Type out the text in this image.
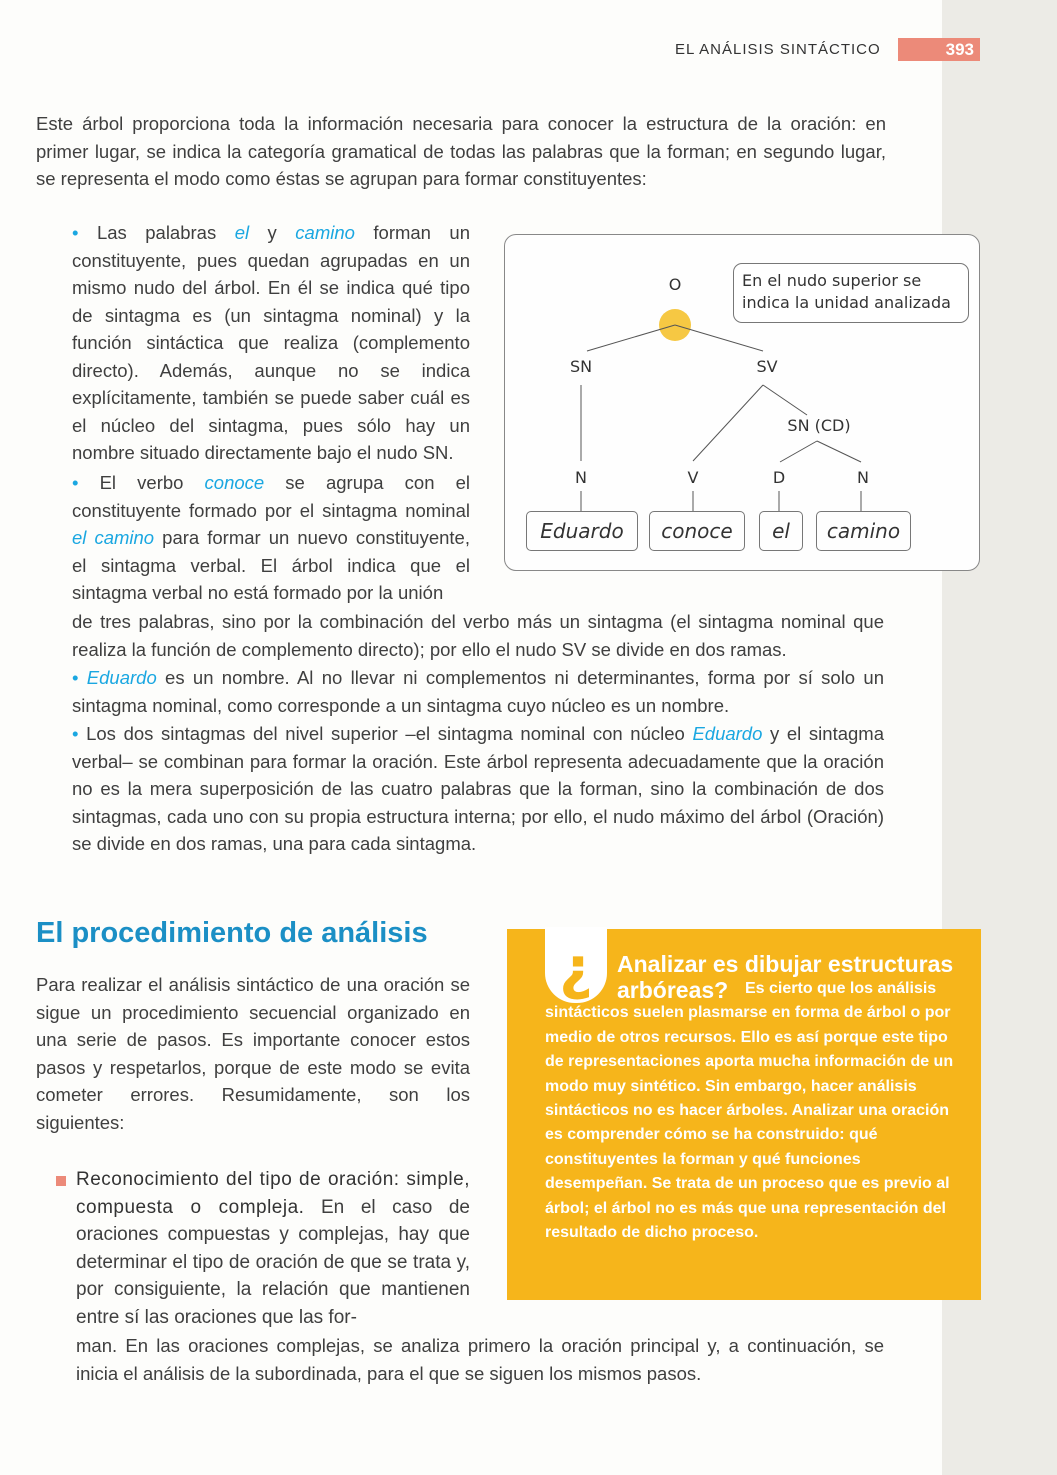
EL ANÁLISIS SINTÁCTICO	393

Este árbol proporciona toda la información necesaria para conocer la estructura de la oración: en primer lugar, se indica la categoría gramatical de todas las palabras que la forman; en segundo lugar, se representa el modo como éstas se agrupan para formar constituyentes:

• Las palabras el y camino forman un constituyente, pues quedan agrupadas en un mismo nudo del árbol. En él se indica qué tipo de sintagma es (un sintagma nominal) y la función sintáctica que realiza (complemento directo). Además, aunque no se indica explícitamente, también se puede saber cuál es el núcleo del sintagma, pues sólo hay un nombre situado directamente bajo el nudo SN.

• El verbo conoce se agrupa con el constituyente formado por el sintagma nominal el camino para formar un nuevo constituyente, el sintagma verbal. El árbol indica que el sintagma verbal no está formado por la unión

de tres palabras, sino por la combinación del verbo más un sintagma (el sintagma nominal que realiza la función de complemento directo); por ello el nudo SV se divide en dos ramas.

• Eduardo es un nombre. Al no llevar ni complementos ni determinantes, forma por sí solo un sintagma nominal, como corresponde a un sintagma cuyo núcleo es un nombre.

• Los dos sintagmas del nivel superior –el sintagma nominal con núcleo Eduardo y el sintagma verbal– se combinan para formar la oración. Este árbol representa adecuadamente que la oración no es la mera superposición de las cuatro palabras que la forman, sino la combinación de dos sintagmas, cada uno con su propia estructura interna; por ello, el nudo máximo del árbol (Oración) se divide en dos ramas, una para cada sintagma.

O	En el nudo superior se indica la unidad analizada
SN	SV
SN (CD)
N	V	D	N
Eduardo	conoce	el	camino
El procedimiento de análisis

Para realizar el análisis sintáctico de una oración se sigue un procedimiento secuencial organizado en una serie de pasos. Es importante conocer estos pasos y respetarlos, porque de este modo se evita cometer errores. Resumidamente, son los siguientes:

Reconocimiento del tipo de oración: simple, compuesta o compleja. En el caso de oraciones compuestas y complejas, hay que determinar el tipo de oración de que se trata y, por consiguiente, la relación que mantienen entre sí las oraciones que las for-

man. En las oraciones complejas, se analiza primero la oración principal y, a continuación, se inicia el análisis de la subordinada, para el que se siguen los mismos pasos.

¿	Analizar es dibujar estructuras arbóreas?	Es cierto que los análisis sintácticos suelen plasmarse en forma de árbol o por medio de otros recursos. Ello es así porque este tipo de representaciones aporta mucha información de un modo muy sintético. Sin embargo, hacer análisis sintácticos no es hacer árboles. Analizar una oración es comprender cómo se ha construido: qué constituyentes la forman y qué funciones desempeñan. Se trata de un proceso que es previo al árbol; el árbol no es más que una representación del resultado de dicho proceso.
